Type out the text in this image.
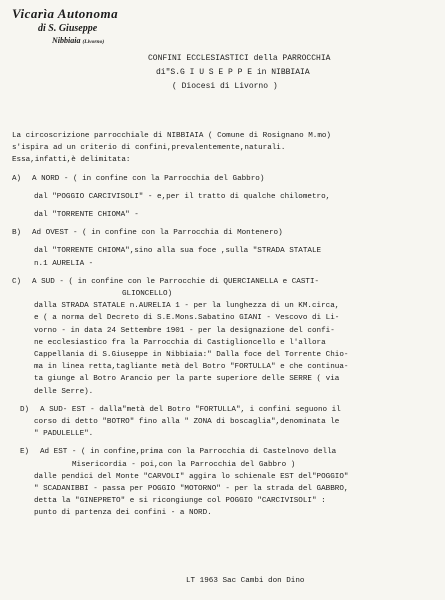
Vicarìa Autonoma
di S. Giuseppe
Nibbiaia (Livorno)
CONFINI ECCLESIASTICI della PARROCCHIA
di"S.G I U S E P P E in NIBBIAIA
( Diocesi di Livorno )
La circoscrizione parrocchiale di NIBBIAIA ( Comune di Rosignano M.mo)
s'ispira ad un criterio di confini,prevalentemente,naturali.
Essa,infatti,è delimitata:
A) A NORD - ( in confine con la Parrocchia del Gabbro)
dal "POGGIO CARCIVISOLI" - e,per il tratto di qualche chilometro,
dal "TORRENTE CHIOMA" -
B) Ad OVEST - ( in confine con la Parrocchia di Montenero)
dal "TORRENTE CHIOMA",sino alla sua foce ,sulla "STRADA STATALE
n.1 AURELIA -
C) A SUD - ( in confine con le Parrocchie di QUERCIANELLA e CASTI-
GLIONCELLO)
dalla STRADA STATALE n.AURELIA 1 - per la lunghezza di un KM.circa,
e ( a norma del Decreto di S.E.Mons.Sabatino GIANI - Vescovo di Li-
vorno - in data 24 Settembre 1901 - per la designazione del confi-
ne ecclesiastico fra la Parrocchia di Castiglioncello e l'allora
Cappellania di S.Giuseppe in Nibbiaia:" Dalla foce del Torrente Chio-
ma in linea retta,tagliante metà del Botro "FORTULLA" e che continua-
ta giunge al Botro Arancio per la parte superiore delle SERRE ( via
delle Serre).
D) A SUD- EST - dalla"metà del Botro "FORTULLA", i confini seguono il
corso di detto "BOTRO" fino alla " ZONA di boscaglia",denominata le
" PADULELLE".
E) Ad EST - ( in confine,prima con la Parrocchia di Castelnovo della
Misericordia - poi,con la Parrocchia del Gabbro )
dalle pendici del Monte "CARVOLI" aggira lo schienale EST del"POGGIO"
" SCADANIBBI - passa per POGGIO "MOTORNO" - per la strada del GABBRO,
detta la "GINEPRETO" e si ricongiunge col POGGIO "CARCIVISOLI" :
punto di partenza dei confini - a NORD.
LT 1963 Sac Cambi don Dino
